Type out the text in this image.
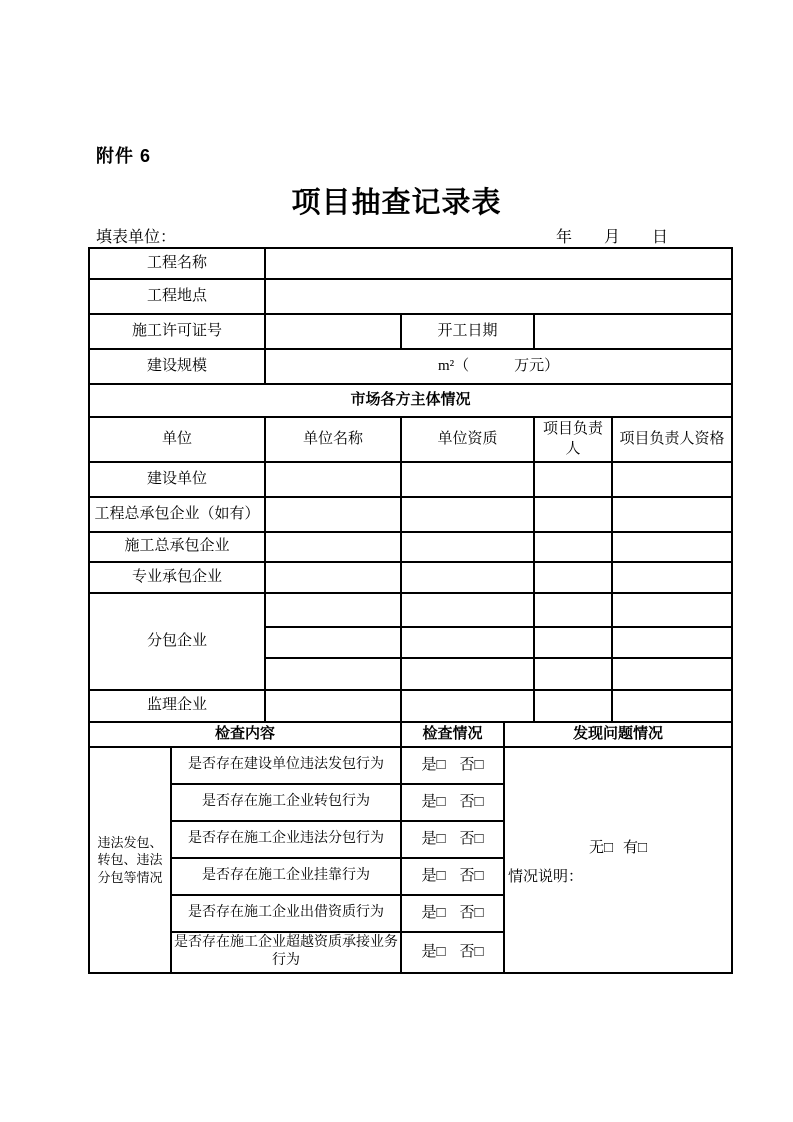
附件 6
项目抽查记录表
填表单位：	年　　月　　日
工程名称						
工程地点						
施工许可证号			开工日期			
建设规模		m²（　　　万元）				
市场各方主体情况						
单位		单位名称	单位资质		项目负责人	项目负责人资格
建设单位						
工程总承包企业（如有）						
施工总承包企业						
专业承包企业						
分包企业						

监理企业						
检查内容			检查情况	发现问题情况		
违法发包、转包、违法分包等情况	是否存在建设单位违法发包行为		是□ 否□	无□ 有□
情况说明：		

	是否存在施工企业转包行为		是□ 否□			
	是否存在施工企业违法分包行为		是□ 否□			
	是否存在施工企业挂靠行为		是□ 否□			
	是否存在施工企业出借资质行为		是□ 否□			
	是否存在施工企业超越资质承接业务行为		是□ 否□			
